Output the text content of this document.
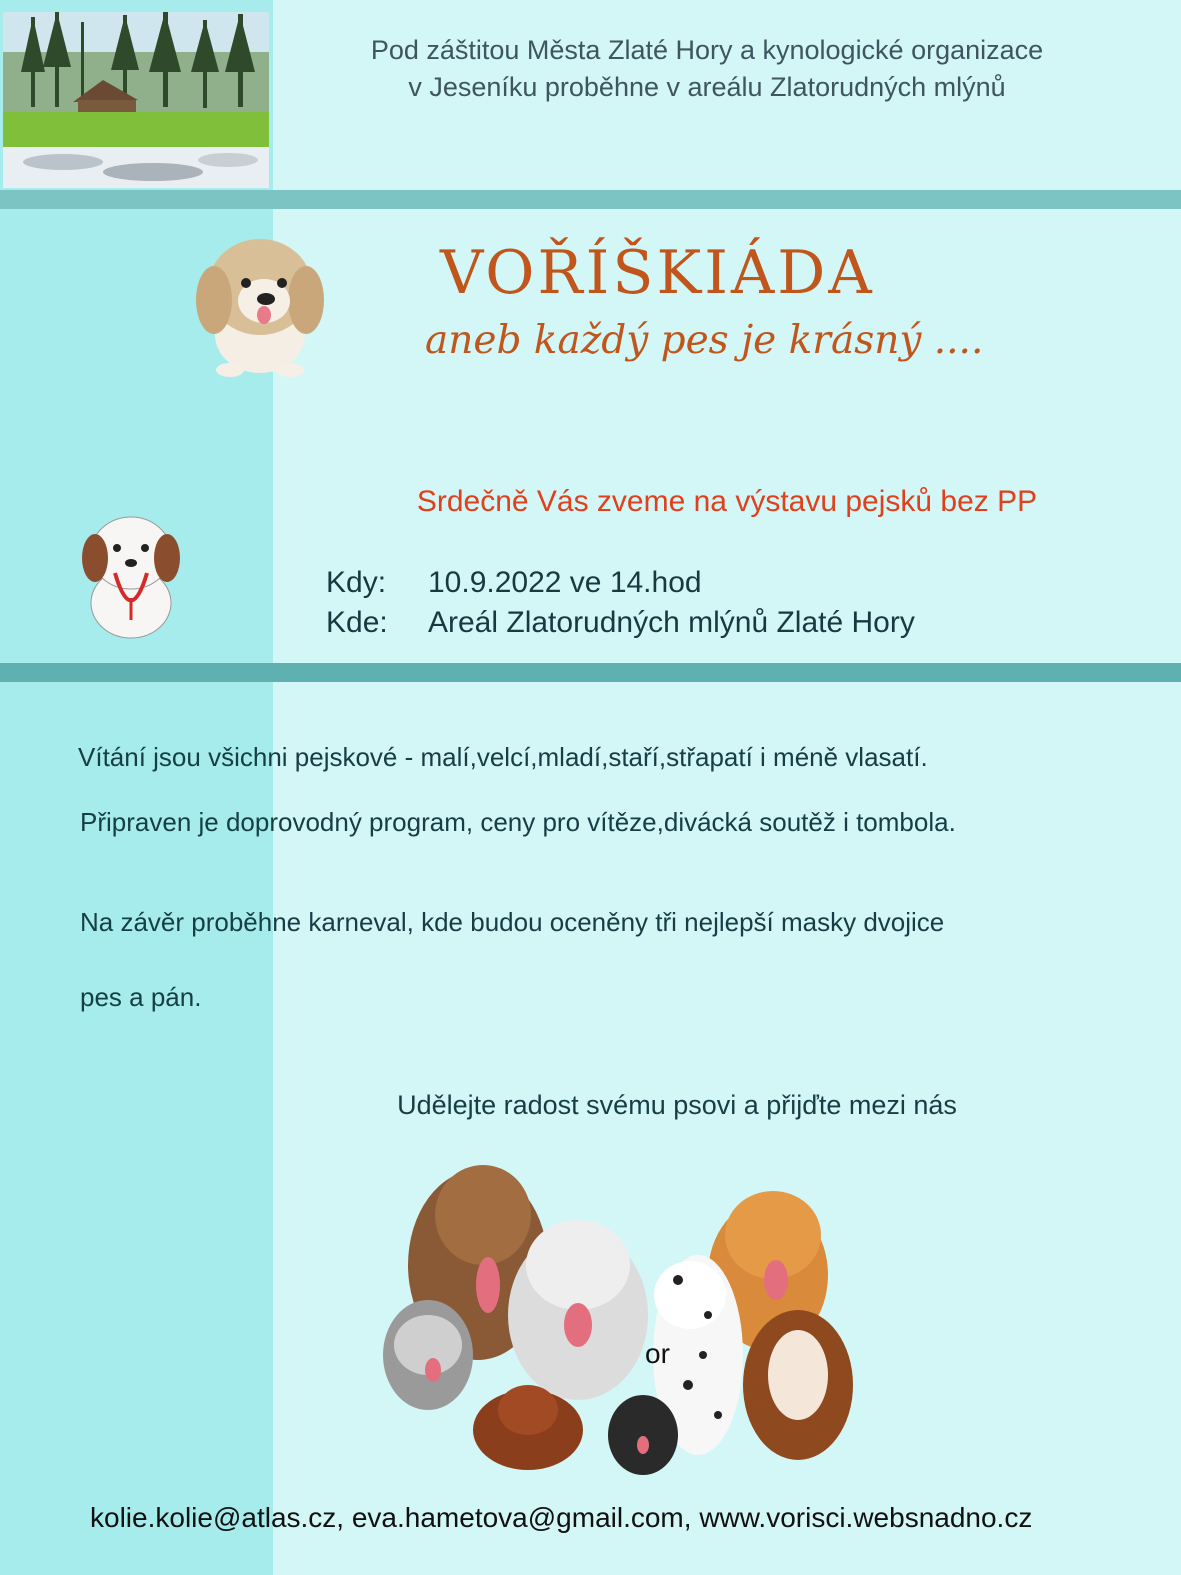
Pod záštitou Města Zlaté Hory a kynologické organizace
v Jeseníku proběhne v areálu Zlatorudných mlýnů
VOŘÍŠKIÁDA
aneb každý pes je krásný ....
Srdečně Vás zveme na výstavu pejsků bez PP
Kdy: 10.9.2022 ve 14.hod
Kde: Areál Zlatorudných mlýnů Zlaté Hory
Vítání jsou všichni pejskové - malí,velcí,mladí,staří,střapatí i méně vlasatí.
Připraven je doprovodný program, ceny pro vítěze,divácká soutěž i tombola.
Na závěr proběhne karneval, kde budou oceněny tři nejlepší masky dvojice
pes a pán.
Udělejte radost svému psovi a přijďte mezi nás
or
kolie.kolie@atlas.cz, eva.hametova@gmail.com, www.vorisci.websnadno.cz
